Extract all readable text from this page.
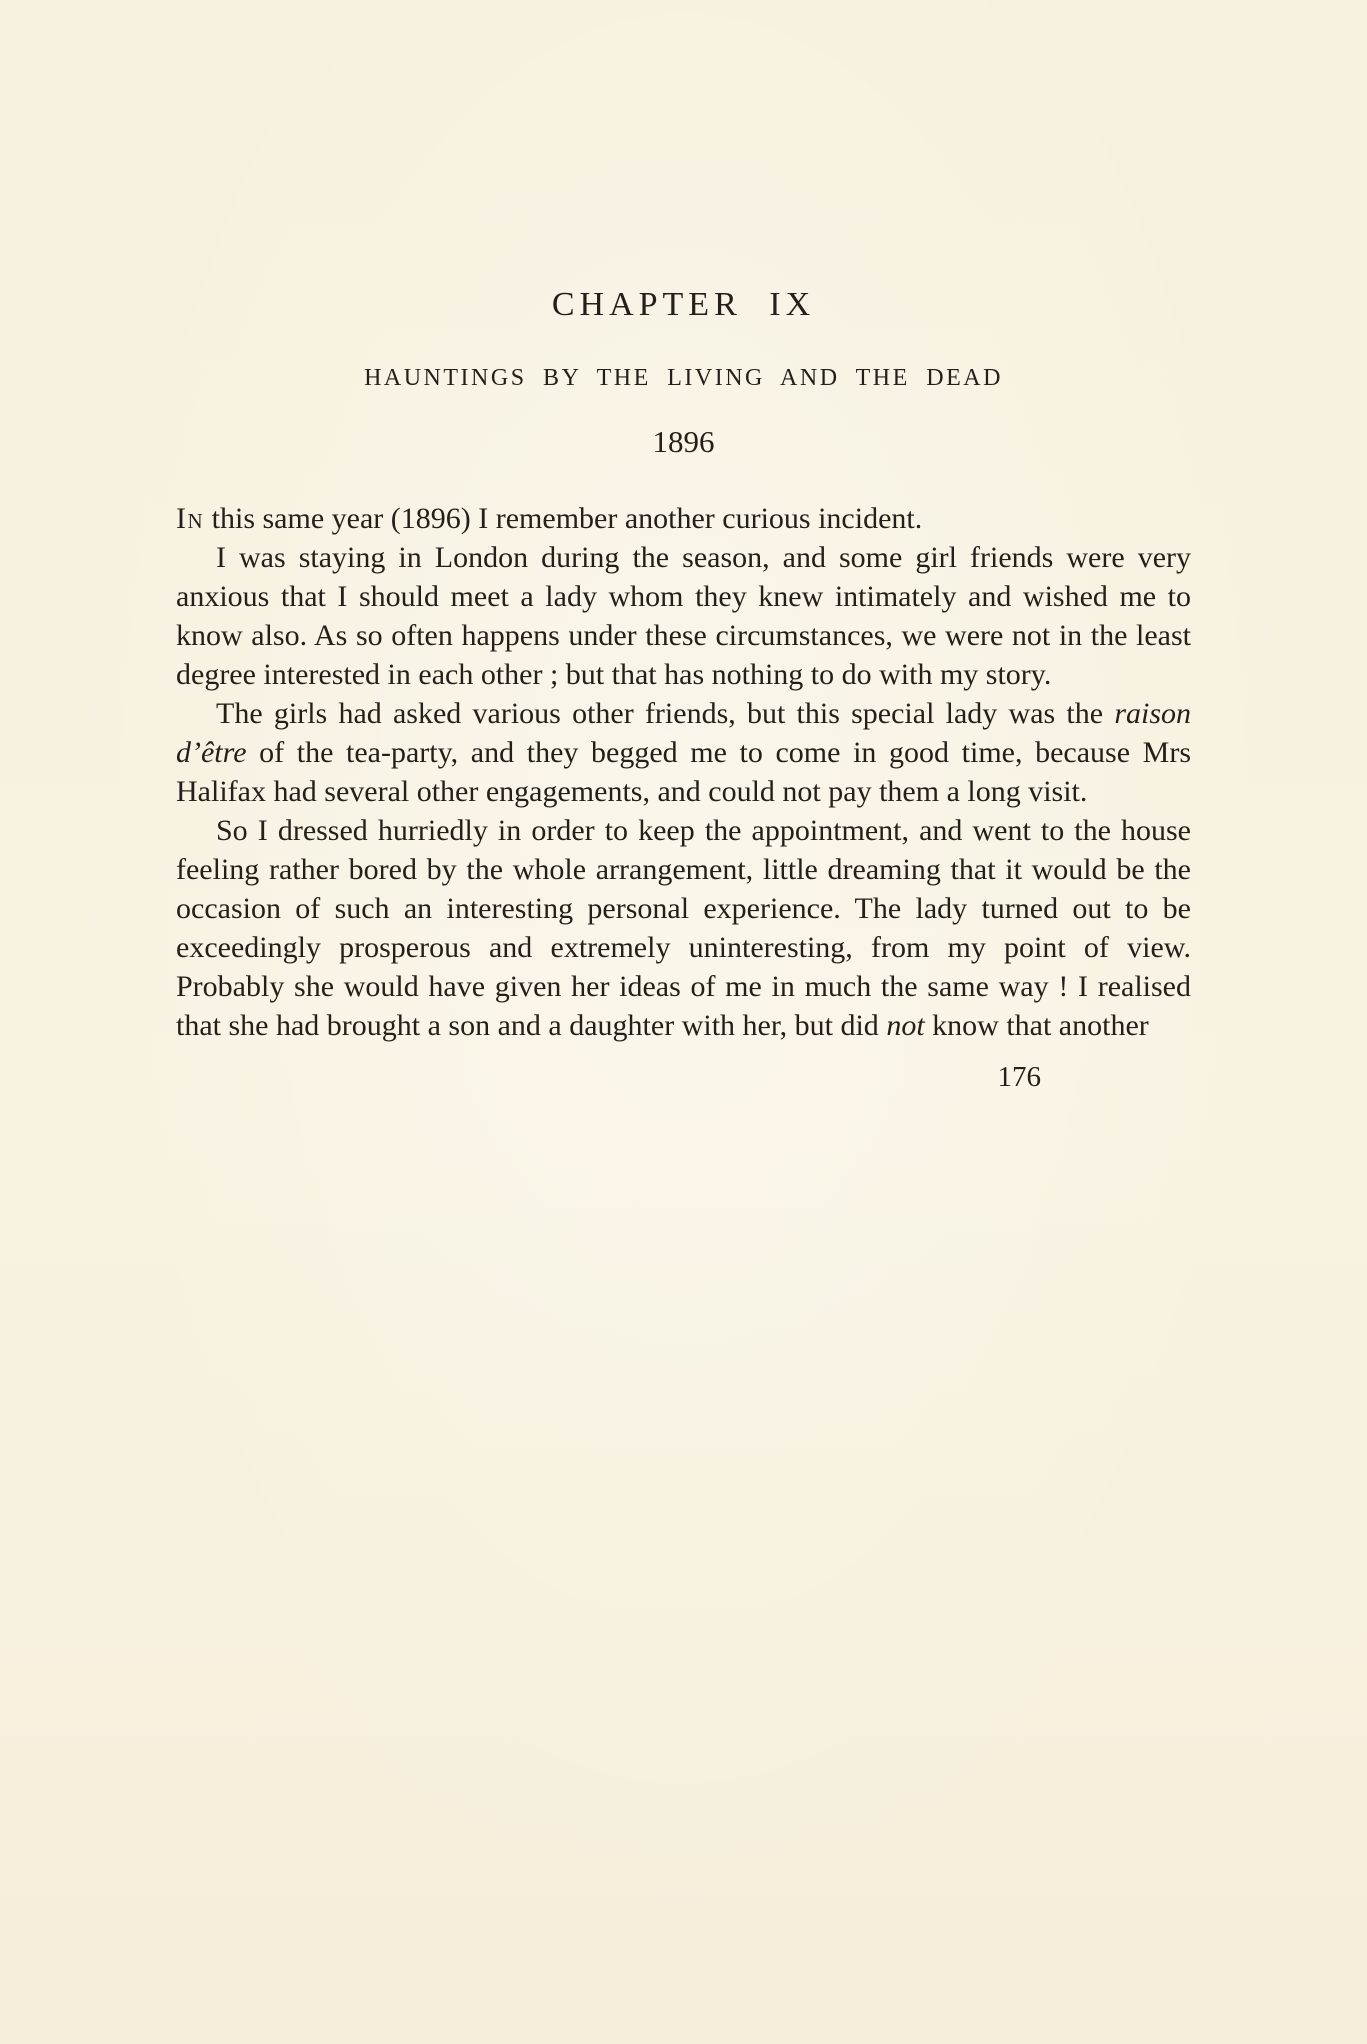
CHAPTER IX
HAUNTINGS BY THE LIVING AND THE DEAD
1896

In this same year (1896) I remember another curious incident.

I was staying in London during the season, and some girl friends were very anxious that I should meet a lady whom they knew intimately and wished me to know also. As so often happens under these circumstances, we were not in the least degree interested in each other ; but that has nothing to do with my story.

The girls had asked various other friends, but this special lady was the raison d’être of the tea-party, and they begged me to come in good time, because Mrs Halifax had several other engagements, and could not pay them a long visit.

So I dressed hurriedly in order to keep the appointment, and went to the house feeling rather bored by the whole arrangement, little dreaming that it would be the occasion of such an interesting personal experience. The lady turned out to be exceedingly prosperous and extremely uninteresting, from my point of view. Probably she would have given her ideas of me in much the same way ! I realised that she had brought a son and a daughter with her, but did not know that another

176
